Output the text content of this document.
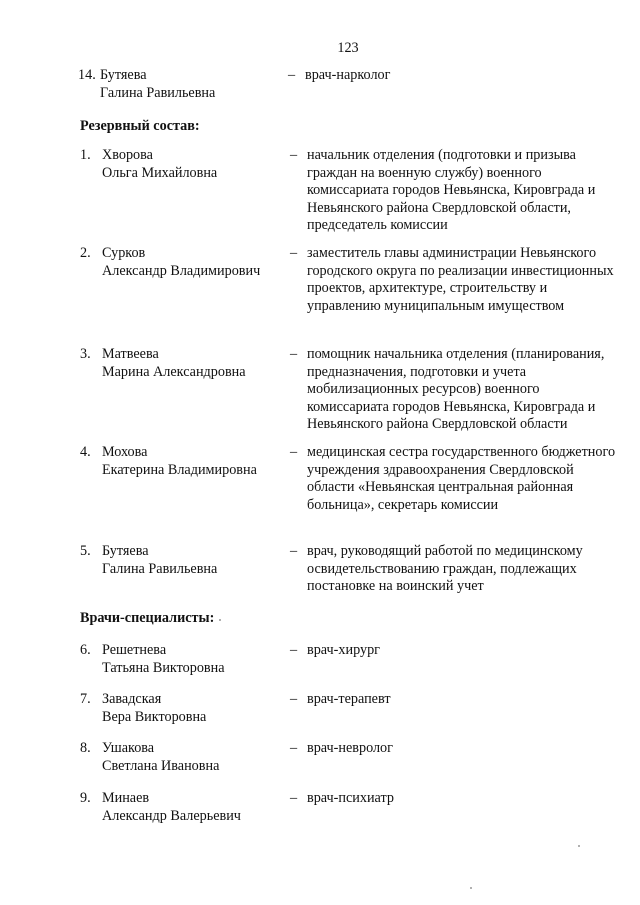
123
14. Бутяева
Галина Равильевна
– врач-нарколог
Резервный состав:
1. Хворова
Ольга Михайловна
– начальник отделения (подготовки и призыва граждан на военную службу) военного комиссариата городов Невьянска, Кировграда и Невьянского района Свердловской области, председатель комиссии
2. Сурков
Александр Владимирович
– заместитель главы администрации Невьянского городского округа по реализации инвестиционных проектов, архитектуре, строительству и управлению муниципальным имуществом
3. Матвеева
Марина Александровна
– помощник начальника отделения (планирования, предназначения, подготовки и учета мобилизационных ресурсов) военного комиссариата городов Невьянска, Кировграда и Невьянского района Свердловской области
4. Мохова
Екатерина Владимировна
– медицинская сестра государственного бюджетного учреждения здравоохранения Свердловской области «Невьянская центральная районная больница», секретарь комиссии
5. Бутяева
Галина Равильевна
– врач, руководящий работой по медицинскому освидетельствованию граждан, подлежащих постановке на воинский учет
Врачи-специалисты:
6. Решетнева
Татьяна Викторовна
– врач-хирург
7. Завадская
Вера Викторовна
– врач-терапевт
8. Ушакова
Светлана Ивановна
– врач-невролог
9. Минаев
Александр Валерьевич
– врач-психиатр
